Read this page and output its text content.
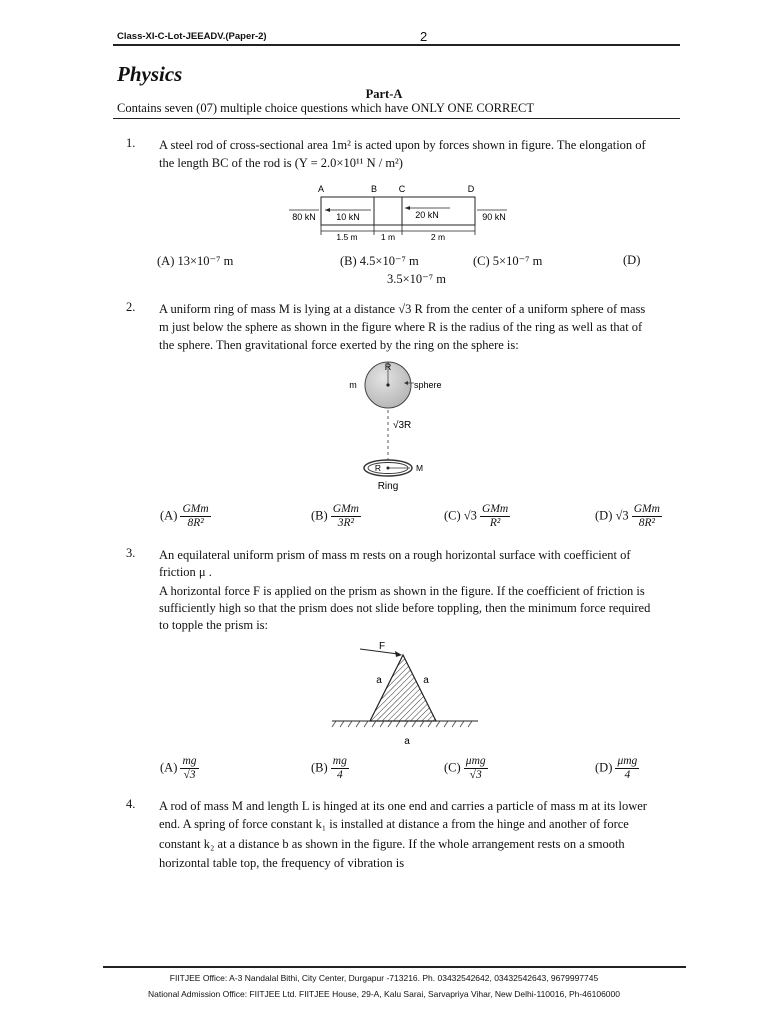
Class-XI-C-Lot-JEEADV.(Paper-2)	2
Physics
Part-A
Contains seven (07) multiple choice questions which have ONLY ONE CORRECT
1. A steel rod of cross-sectional area 1m² is acted upon by forces shown in figure. The elongation of
the length BC of the rod is (Y = 2.0×10¹¹ N / m²)
A	B C	D
80 kN 10 kN	20 kN	90 kN
1.5 m	1 m	2 m
(A) 13×10⁻⁷ m	(B) 4.5×10⁻⁷ m	(C) 5×10⁻⁷ m	(D)
3.5×10⁻⁷ m
2. A uniform ring of mass M is lying at a distance √3 R from the center of a uniform sphere of mass
m just below the sphere as shown in the figure where R is the radius of the ring as well as that of
the sphere. Then gravitational force exerted by the ring on the sphere is:
R
m	sphere
√3R
R	M
Ring
$(A) \frac{\text{GMm}}{\text{8R²}}$	$(B) \frac{\text{GMm}}{\text{3R²}}$	(C) $√3 \frac{\text{GMm}}{\text{R²}}$	(D) $√3 \frac{\text{GMm}}{\text{8R²}}$
3. An equilateral uniform prism of mass m rests on a rough horizontal surface with coefficient of
friction μ .
A horizontal force F is applied on the prism as shown in the figure. If the coefficient of friction is
sufficiently high so that the prism does not slide before toppling, then the minimum force required
to topple the prism is:
F
a	a
a
$(A) \frac{mg}{√3}$	$(B) \frac{mg}{4}$	$(C) \frac{\text{μmg}}{√3}$	$(D) \frac{\text{μmg}}{4}$
4. A rod of mass M and length L is hinged at its one end and carries a particle of mass m at its lower
end. A spring of force constant k₁ is installed at distance a from the hinge and another of force
constant k₂ at a distance b as shown in the figure. If the whole arrangement rests on a smooth
horizontal table top, the frequency of vibration is
FIITJEE Office: A-3 Nandalal Bithi, City Center, Durgapur -713216. Ph. 03432542642, 03432542643, 9679997745
National Admission Office: FIITJEE Ltd. FIITJEE House, 29-A, Kalu Sarai, Sarvapriya Vihar, New Delhi-110016, Ph-46106000
